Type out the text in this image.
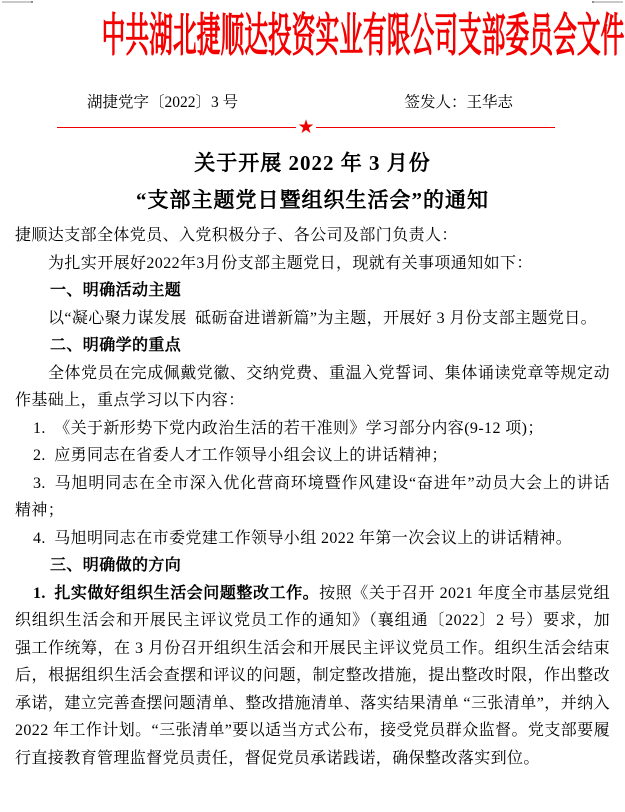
中共湖北捷顺达投资实业有限公司支部委员会文件
湖捷党字〔2022〕3 号	签发人：王华志
★
关于开展 2022 年 3 月份
“支部主题党日暨组织生活会”的通知

捷顺达支部全体党员、入党积极分子、各公司及部门负责人：

为扎实开展好2022年3月份支部主题党日，现就有关事项通知如下：

一、明确活动主题

以“凝心聚力谋发展 砥砺奋进谱新篇”为主题，开展好 3 月份支部主题党日。

二、明确学的重点

全体党员在完成佩戴党徽、交纳党费、重温入党誓词、集体诵读党章等规定动作基础上，重点学习以下内容：

1. 《关于新形势下党内政治生活的若干准则》学习部分内容(9-12 项)；

2. 应勇同志在省委人才工作领导小组会议上的讲话精神；

3. 马旭明同志在全市深入优化营商环境暨作风建设“奋进年”动员大会上的讲话精神；

4. 马旭明同志在市委党建工作领导小组 2022 年第一次会议上的讲话精神。

三、明确做的方向

1. 扎实做好组织生活会问题整改工作。按照《关于召开 2021 年度全市基层党组织组织生活会和开展民主评议党员工作的通知》（襄组通〔2022〕2 号）要求，加强工作统筹，在 3 月份召开组织生活会和开展民主评议党员工作。组织生活会结束后，根据组织生活会查摆和评议的问题，制定整改措施，提出整改时限，作出整改承诺，建立完善查摆问题清单、整改措施清单、落实结果清单 “三张清单”，并纳入 2022 年工作计划。“三张清单”要以适当方式公布，接受党员群众监督。党支部要履行直接教育管理监督党员责任，督促党员承诺践诺，确保整改落实到位。
